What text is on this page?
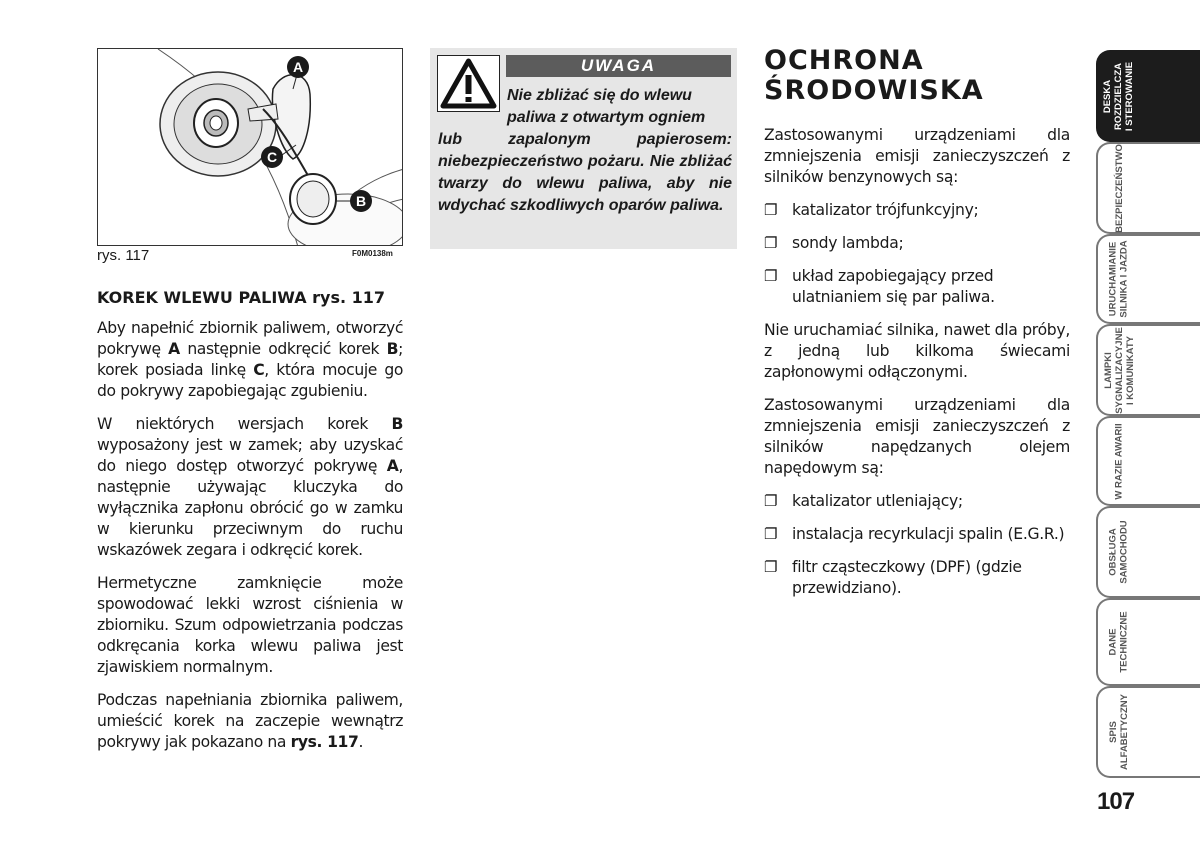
A
C
B
rys. 117	F0M0138m
KOREK WLEWU PALIWA rys. 117

Aby napełnić zbiornik paliwem, otworzyć pokrywę A następnie odkręcić korek B; korek posiada linkę C, która mocuje go do pokrywy zapobiegając zgubieniu.

W niektórych wersjach korek B wyposażony jest w zamek; aby uzyskać do niego dostęp otworzyć pokrywę A, następnie używając kluczyka do wyłącznika zapłonu obrócić go w zamku w kierunku przeciwnym do ruchu wskazówek zegara i odkręcić korek.

Hermetyczne zamknięcie może spowodować lekki wzrost ciśnienia w zbiorniku. Szum odpowietrzania podczas odkręcania korka wlewu paliwa jest zjawiskiem normalnym.

Podczas napełniania zbiornika paliwem, umieścić korek na zaczepie wewnątrz pokrywy jak pokazano na rys. 117.

UWAGA
Nie zbliżać się do wlewu
paliwa z otwartym ogniem
lub zapalonym papierosem: niebezpieczeństwo pożaru. Nie zbliżać twarzy do wlewu paliwa, aby nie wdychać szkodliwych oparów paliwa.
OCHRONA
ŚRODOWISKA

Zastosowanymi urządzeniami dla zmniejszenia emisji zanieczyszczeń z silników benzynowych są:

❐ katalizator trójfunkcyjny;
❐ sondy lambda;
❐ układ zapobiegający przed ulatnianiem się par paliwa.

Nie uruchamiać silnika, nawet dla próby, z jedną lub kilkoma świecami zapłonowymi odłączonymi.

Zastosowanymi urządzeniami dla zmniejszenia emisji zanieczyszczeń z silników napędzanych olejem napędowym są:

❐ katalizator utleniający;
❐ instalacja recyrkulacji spalin (E.G.R.)
❐ filtr cząsteczkowy (DPF) (gdzie przewidziano).
DESKA
ROZDZIELCZA
I STEROWANIE
BEZPIECZEŃSTWO
URUCHAMIANIE
SILNIKA I JAZDA
LAMPKI
SYGNALIZACYJNE
I KOMUNIKATY
W RAZIE AWARII
OBSŁUGA
SAMOCHODU
DANE
TECHNICZNE
SPIS
ALFABETYCZNY
107
